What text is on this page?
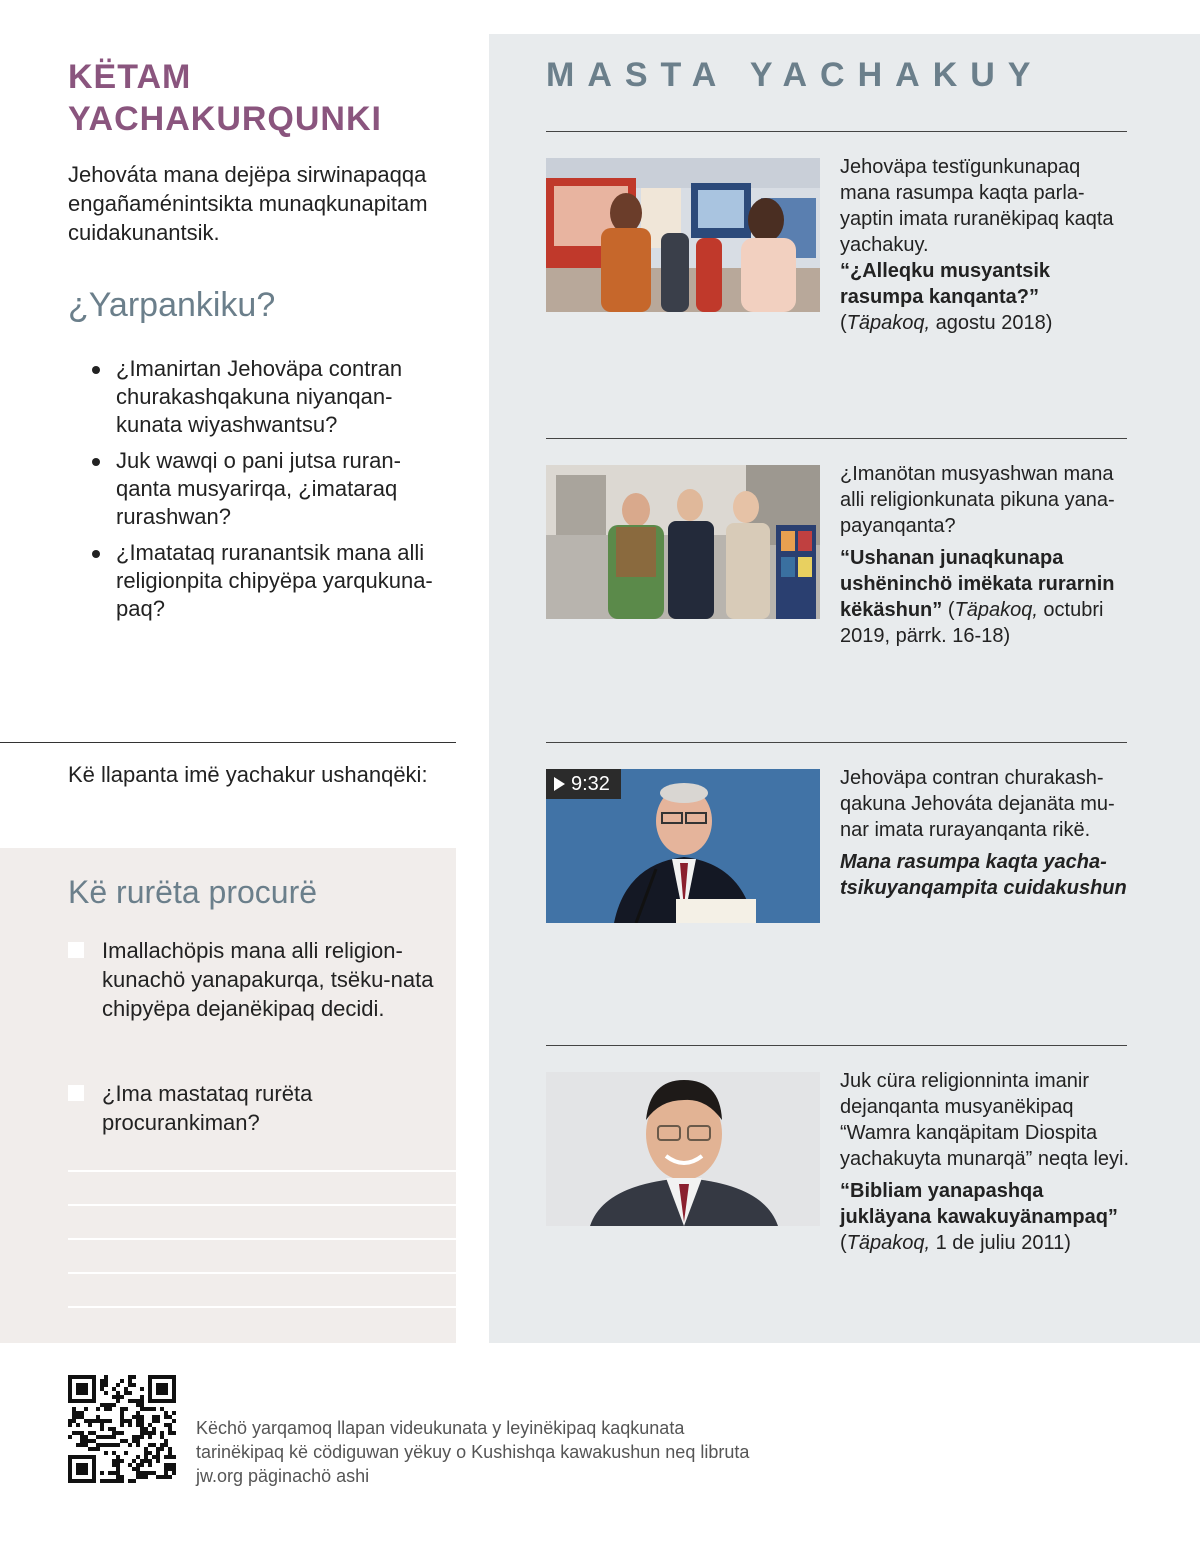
KËTAM
YACHAKURQUNKI
Jehováta mana dejëpa sirwinapaqqa engañaménintsikta munaqkunapitam cuidakunantsik.
¿Yarpankiku?
¿Imanirtan Jehoväpa contran churakashqakuna niyanqan-kunata wiyashwantsu?
Juk wawqi o pani jutsa ruran-qanta musyarirqa, ¿imataraq rurashwan?
¿Imatataq ruranantsik mana alli religionpita chipyëpa yarqukuna-paq?
Kë llapanta imë yachakur ushanqëki:
Kë rurëta procurë
Imallachöpis mana alli religion-kunachö yanapakurqa, tsëku-nata chipyëpa dejanëkipaq decidi.
¿Ima mastataq rurëta procurankiman?
MASTA YACHAKUY
Jehoväpa testïgunkunapaq mana rasumpa kaqta parla-yaptin imata ruranëkipaq kaqta yachakuy.
“¿Alleqku musyantsik rasumpa kanqanta?”
(Täpakoq, agostu 2018)
¿Imanötan musyashwan mana alli religionkunata pikuna yana-payanqanta?
“Ushanan junaqkunapa ushëninchö imëkata rurarnin këkäshun” (Täpakoq, octubri 2019, pärrk. 16-18)
9:32	Jehoväpa contran churakash-qakuna Jehováta dejanäta mu-nar imata rurayanqanta rikë.
Mana rasumpa kaqta yacha-tsikuyanqampita cuidakushun
Juk cüra religionninta imanir dejanqanta musyanëkipaq “Wamra kanqäpitam Diospita yachakuyta munarqä” neqta leyi.
“Bibliam yanapashqa jukläyana kawakuyänampaq”
(Täpakoq, 1 de juliu 2011)
Këchö yarqamoq llapan videukunata y leyinëkipaq kaqkunata tarinëkipaq kë cödiguwan yëkuy o Kushishqa kawakushun neq libruta jw.org päginachö ashi
